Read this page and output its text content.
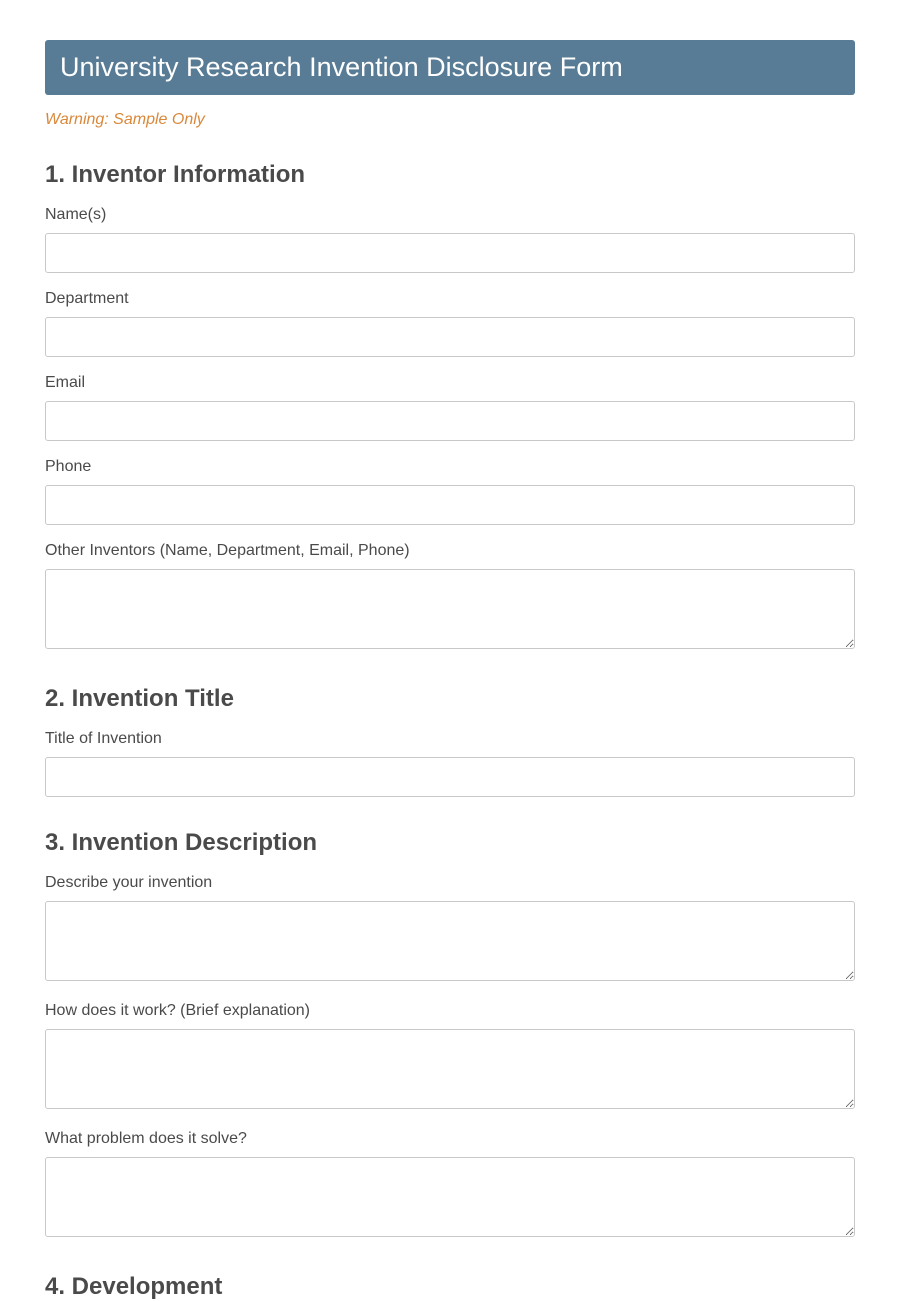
University Research Invention Disclosure Form
Warning: Sample Only
1. Inventor Information
Name(s)
Department
Email
Phone
Other Inventors (Name, Department, Email, Phone)
2. Invention Title
Title of Invention
3. Invention Description
Describe your invention
How does it work? (Brief explanation)
What problem does it solve?
4. Development
